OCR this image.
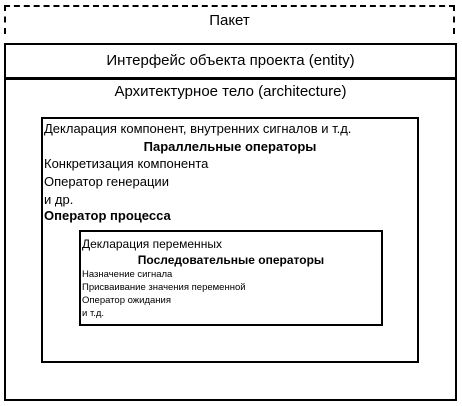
Пакет
Интерфейс объекта проекта (entity)
Архитектурное тело (architecture)
Декларация компонент, внутренних сигналов и т.д.
Параллельные операторы
Конкретизация компонента
Оператор генерации
и др.
Оператор процесса
Декларация переменных
Последовательные операторы
Назначение сигнала
Присваивание значения переменной
Оператор ожидания
и т.д.
